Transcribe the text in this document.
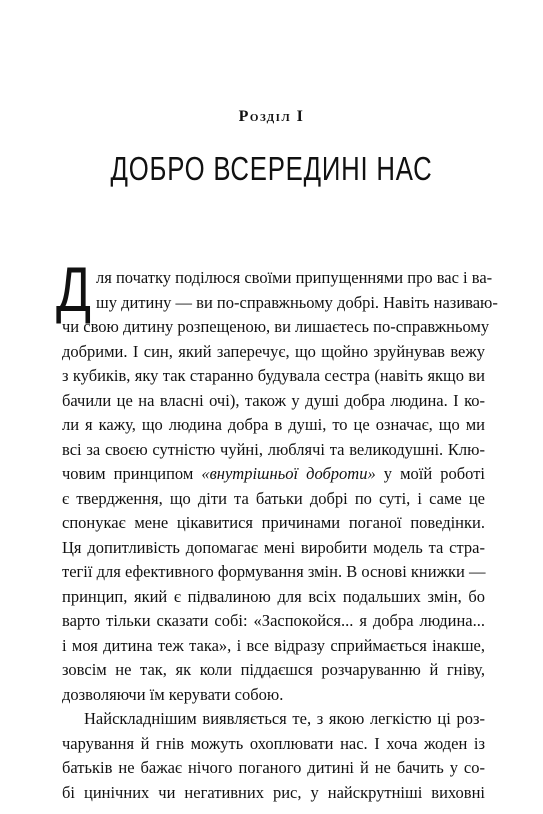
Розділ I
ДОБРО ВСЕРЕДИНІ НАС
Д ля початку поділюся своїми припущеннями про вас і ва-
шу дитину — ви по-справжньому добрі. Навіть називаю-
чи свою дитину розпещеною, ви лишаєтесь по-справжньому
добрими. І син, який заперечує, що щойно зруйнував вежу
з кубиків, яку так старанно будувала сестра (навіть якщо ви
бачили це на власні очі), також у душі добра людина. І ко-
ли я кажу, що людина добра в душі, то це означає, що ми
всі за своєю сутністю чуйні, люблячі та великодушні. Клю-
човим принципом «внутрішньої доброти» у моїй роботі
є твердження, що діти та батьки добрі по суті, і саме це
спонукає мене цікавитися причинами поганої поведінки.
Ця допитливість допомагає мені виробити модель та стра-
тегії для ефективного формування змін. В основі книжки —
принцип, який є підвалиною для всіх подальших змін, бо
варто тільки сказати собі: «Заспокойся... я добра людина...
і моя дитина теж така», і все відразу сприймається інакше,
зовсім не так, як коли піддаєшся розчаруванню й гніву,
дозволяючи їм керувати собою.
Найскладнішим виявляється те, з якою легкістю ці роз-
чарування й гнів можуть охоплювати нас. І хоча жоден із
батьків не бажає нічого поганого дитині й не бачить у со-
бі цинічних чи негативних рис, у найскрутніші виховні
